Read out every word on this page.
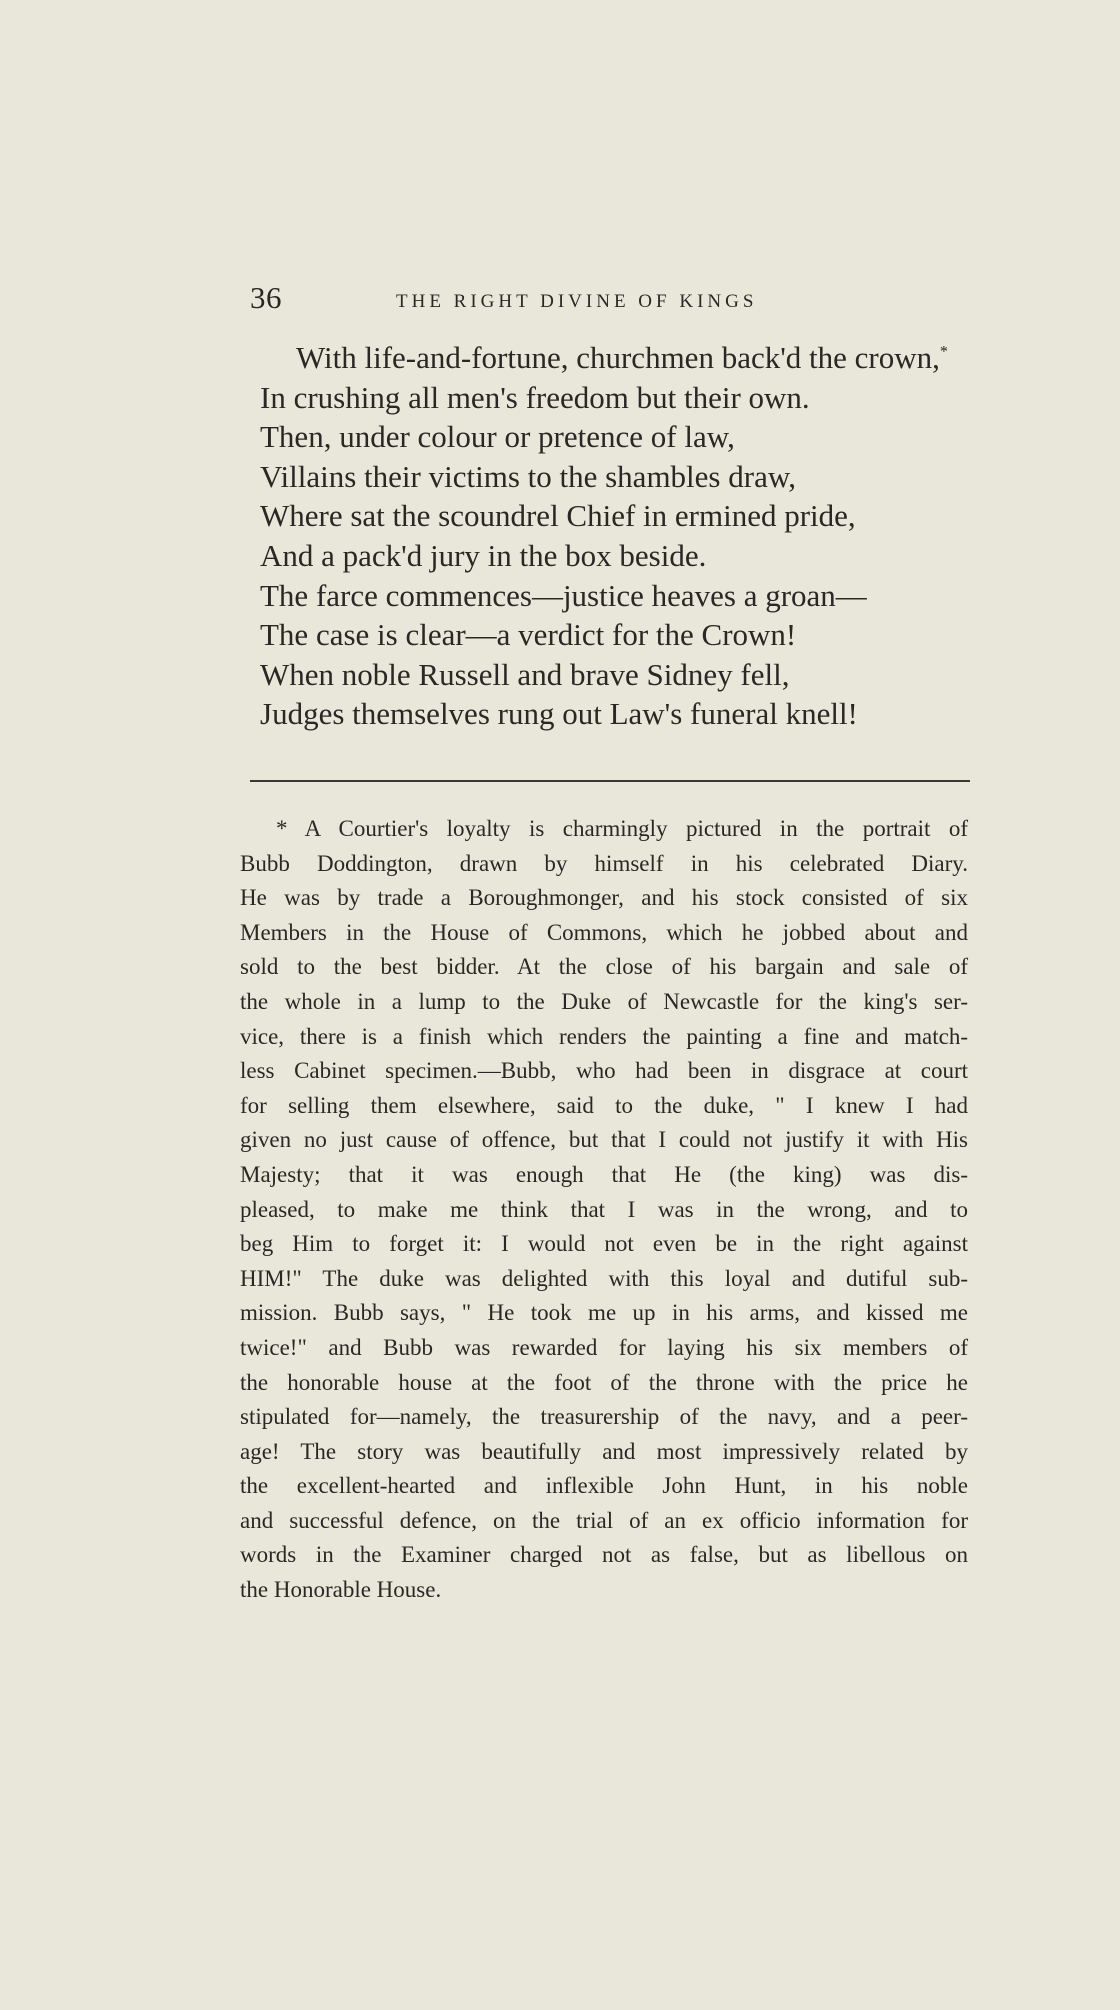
36	THE RIGHT DIVINE OF KINGS
With life-and-fortune, churchmen back'd the crown,*
In crushing all men's freedom but their own.
Then, under colour or pretence of law,
Villains their victims to the shambles draw,
Where sat the scoundrel Chief in ermined pride,
And a pack'd jury in the box beside.
The farce commences—justice heaves a groan—
The case is clear—a verdict for the Crown!
When noble Russell and brave Sidney fell,
Judges themselves rung out Law's funeral knell!
* A Courtier's loyalty is charmingly pictured in the portrait of
Bubb Doddington, drawn by himself in his celebrated Diary.
He was by trade a Boroughmonger, and his stock consisted of six
Members in the House of Commons, which he jobbed about and
sold to the best bidder. At the close of his bargain and sale of
the whole in a lump to the Duke of Newcastle for the king's ser-
vice, there is a finish which renders the painting a fine and match-
less Cabinet specimen.—Bubb, who had been in disgrace at court
for selling them elsewhere, said to the duke, " I knew I had
given no just cause of offence, but that I could not justify it with His
Majesty; that it was enough that He (the king) was dis-
pleased, to make me think that I was in the wrong, and to
beg Him to forget it: I would not even be in the right against
HIM!" The duke was delighted with this loyal and dutiful sub-
mission. Bubb says, " He took me up in his arms, and kissed me
twice!" and Bubb was rewarded for laying his six members of
the honorable house at the foot of the throne with the price he
stipulated for—namely, the treasurership of the navy, and a peer-
age! The story was beautifully and most impressively related by
the excellent-hearted and inflexible John Hunt, in his noble
and successful defence, on the trial of an ex officio information for
words in the Examiner charged not as false, but as libellous on
the Honorable House.
